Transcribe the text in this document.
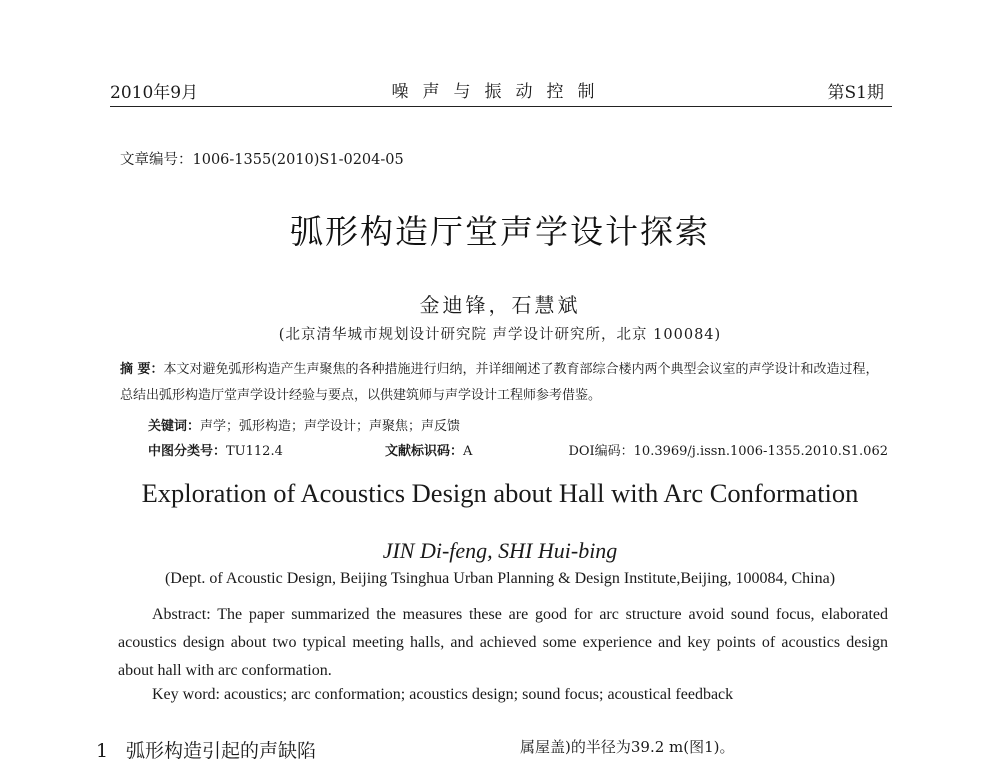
2010年9月	噪声与振动控制	第S1期
文章编号：1006-1355(2010)S1-0204-05
弧形构造厅堂声学设计探索
金迪锋，石慧斌
(北京清华城市规划设计研究院 声学设计研究所，北京 100084)
摘 要：本文对避免弧形构造产生声聚焦的各种措施进行归纳，并详细阐述了教育部综合楼内两个典型会议室的声学设计和改造过程，总结出弧形构造厅堂声学设计经验与要点，以供建筑师与声学设计工程师参考借鉴。
关键词：声学；弧形构造；声学设计；声聚焦；声反馈
中图分类号：TU112.4	文献标识码：A	DOI编码：10.3969/j.issn.1006-1355.2010.S1.062
Exploration of Acoustics Design about Hall with Arc Conformation
JIN Di-feng, SHI Hui-bing
(Dept. of Acoustic Design, Beijing Tsinghua Urban Planning & Design Institute,Beijing, 100084, China)
Abstract: The paper summarized the measures these are good for arc structure avoid sound focus, elaborated acoustics design about two typical meeting halls, and achieved some experience and key points of acoustics design about hall with arc conformation.
Key word: acoustics; arc conformation; acoustics design; sound focus; acoustical feedback
1 弧形构造引起的声缺陷	属屋盖)的半径为39.2 m(图1)。
